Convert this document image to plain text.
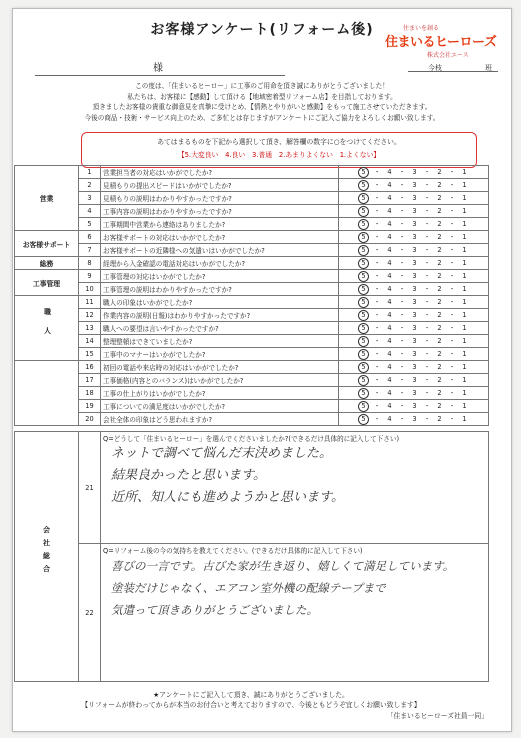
お客様アンケート(リフォーム後)	住まいを創る
住まいるヒーローズ
株式会社エース
様	今枝	班
この度は、「住まいるヒーロー」に工事のご用命を頂き誠にありがとうございました！
私たちは、お客様に【感動】して頂ける【地域密着型リフォーム店】を目指しております。
頂きましたお客様の貴重な御意見を真摯に受けとめ、【情熱とやりがいと感動】をもって施工させていただきます。
今後の商品・技術・サービス向上のため、ご多忙とは存じますがアンケートにご記入ご協力をよろしくお願い致します。
あてはまるものを下記から選択して頂き、解答欄の数字に○をつけてください。
【5.大変良い　4.良い　3.普通　2.あまりよくない　1.よくない】
営業	1	営業担当者の対応はいかがでしたか?	5 ・ 4 ・ 3 ・ 2 ・ 1
	2	見積もりの提出スピードはいかがでしたか?	5 ・ 4 ・ 3 ・ 2 ・ 1
	3	見積もりの説明はわかりやすかったですか?	5 ・ 4 ・ 3 ・ 2 ・ 1
	4	工事内容の説明はわかりやすかったですか?	5 ・ 4 ・ 3 ・ 2 ・ 1
	5	工事期間中営業から連絡はありましたか?	5 ・ 4 ・ 3 ・ 2 ・ 1
お客様サポート	6	お客様サポートの対応はいかがでしたか?	5 ・ 4 ・ 3 ・ 2 ・ 1
	7	お客様サポートの近隣様への気遣いはいかがでしたか?	5 ・ 4 ・ 3 ・ 2 ・ 1
総務	8	経理から入金確認の電話対応はいかがでしたか?	5 ・ 4 ・ 3 ・ 2 ・ 1
工事管理	9	工事管理の対応はいかがでしたか?	5 ・ 4 ・ 3 ・ 2 ・ 1
	10	工事管理の説明はわかりやすかったですか?	5 ・ 4 ・ 3 ・ 2 ・ 1
職人	11	職人の印象はいかがでしたか?	5 ・ 4 ・ 3 ・ 2 ・ 1
	12	作業内容の説明(日報)はわかりやすかったですか?	5 ・ 4 ・ 3 ・ 2 ・ 1
	13	職人への要望は言いやすかったですか?	5 ・ 4 ・ 3 ・ 2 ・ 1
	14	整理整頓はできていましたか?	5 ・ 4 ・ 3 ・ 2 ・ 1
	15	工事中のマナーはいかがでしたか?	5 ・ 4 ・ 3 ・ 2 ・ 1
	16	初回の電話や来店時の対応はいかがでしたか?	5 ・ 4 ・ 3 ・ 2 ・ 1
	17	工事価格(内容とのバランス)はいかがでしたか?	5 ・ 4 ・ 3 ・ 2 ・ 1
	18	工事の仕上がりはいかがでしたか?	5 ・ 4 ・ 3 ・ 2 ・ 1
	19	工事についての満足度はいかがでしたか?	5 ・ 4 ・ 3 ・ 2 ・ 1
	20	会社全体の印象はどう思われますか?	5 ・ 4 ・ 3 ・ 2 ・ 1
会社総合	21	Q=どうして「住まいるヒーロー」を選んでくださいましたか?(できるだけ具体的に記入して下さい)
ネットで調べて悩んだ末決めました。
結果良かったと思います。
近所、知人にも進めようかと思います。

	22	Q=リフォーム後の今の気持ちを教えてください。(できるだけ具体的に記入して下さい)
喜びの一言です。古びた家が生き返り、嬉しくて満足しています。
塗装だけじゃなく、エアコン室外機の配線テープまで
気遣って頂きありがとうございました。
★アンケートにご記入して頂き、誠にありがとうございました。
【リフォームが終わってからが本当のお付合いと考えておりますので、今後ともどうぞ宜しくお願い致します】
「住まいるヒーローズ社員一同」
